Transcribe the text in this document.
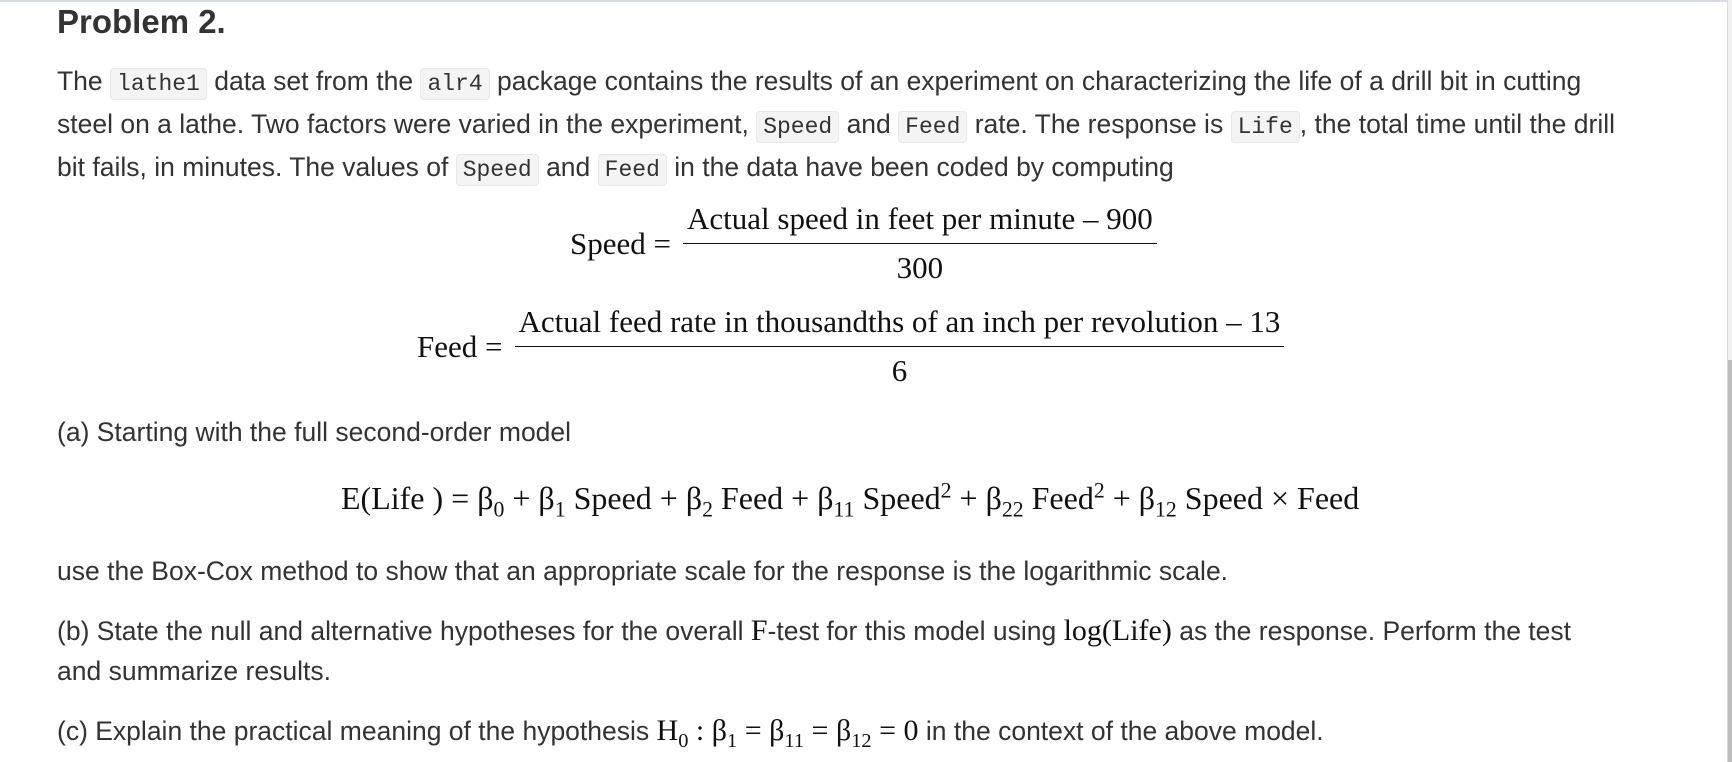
Problem 2.
The lathe1 data set from the alr4 package contains the results of an experiment on characterizing the life of a drill bit in cutting
steel on a lathe. Two factors were varied in the experiment, Speed and Feed rate. The response is Life , the total time until the drill
bit fails, in minutes. The values of Speed and Feed in the data have been coded by computing
Speed = $\frac{\text{Actual speed in feet per minute – 900}}{300}$
Feed =
Actual feed rate in thousandths of an inch per revolution – 13
6
(a) Starting with the full second-order model
E(Life ) = $\beta_0 + \beta_1$ Speed + $\beta_2$ Feed + $\beta_{11}$ Speed$^2$ + $\beta_{22}$ Feed$^2$ + $\beta_{12}$ Speed × Feed
use the Box-Cox method to show that an appropriate scale for the response is the logarithmic scale.
(b) State the null and alternative hypotheses for the overall F-test for this model using log(Life) as the response. Perform the test
and summarize results.
(c) Explain the practical meaning of the hypothesis $H_0$ : $\beta_1 = \beta_{11} = \beta_{12} = 0$ in the context of the above model.
